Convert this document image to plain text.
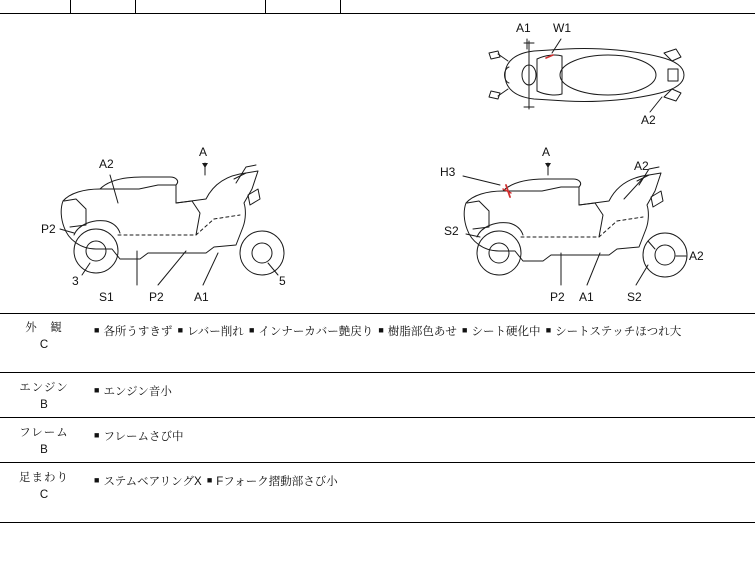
A1 W1
A2
A2
A
P2
3
S1	P2	A1
5
H3
A
A2
S2
A2
P2 A1	S2
外　観
C
■ 各所うすきず ■ レバー削れ ■ インナーカバー艶戻り ■ 樹脂部色あせ ■ シート硬化中 ■ シートステッチほつれ大
エンジン
B
■ エンジン音小
フレーム
B
■ フレームさび中
足まわり
C
■ ステムベアリングX ■ Fフォーク摺動部さび小
